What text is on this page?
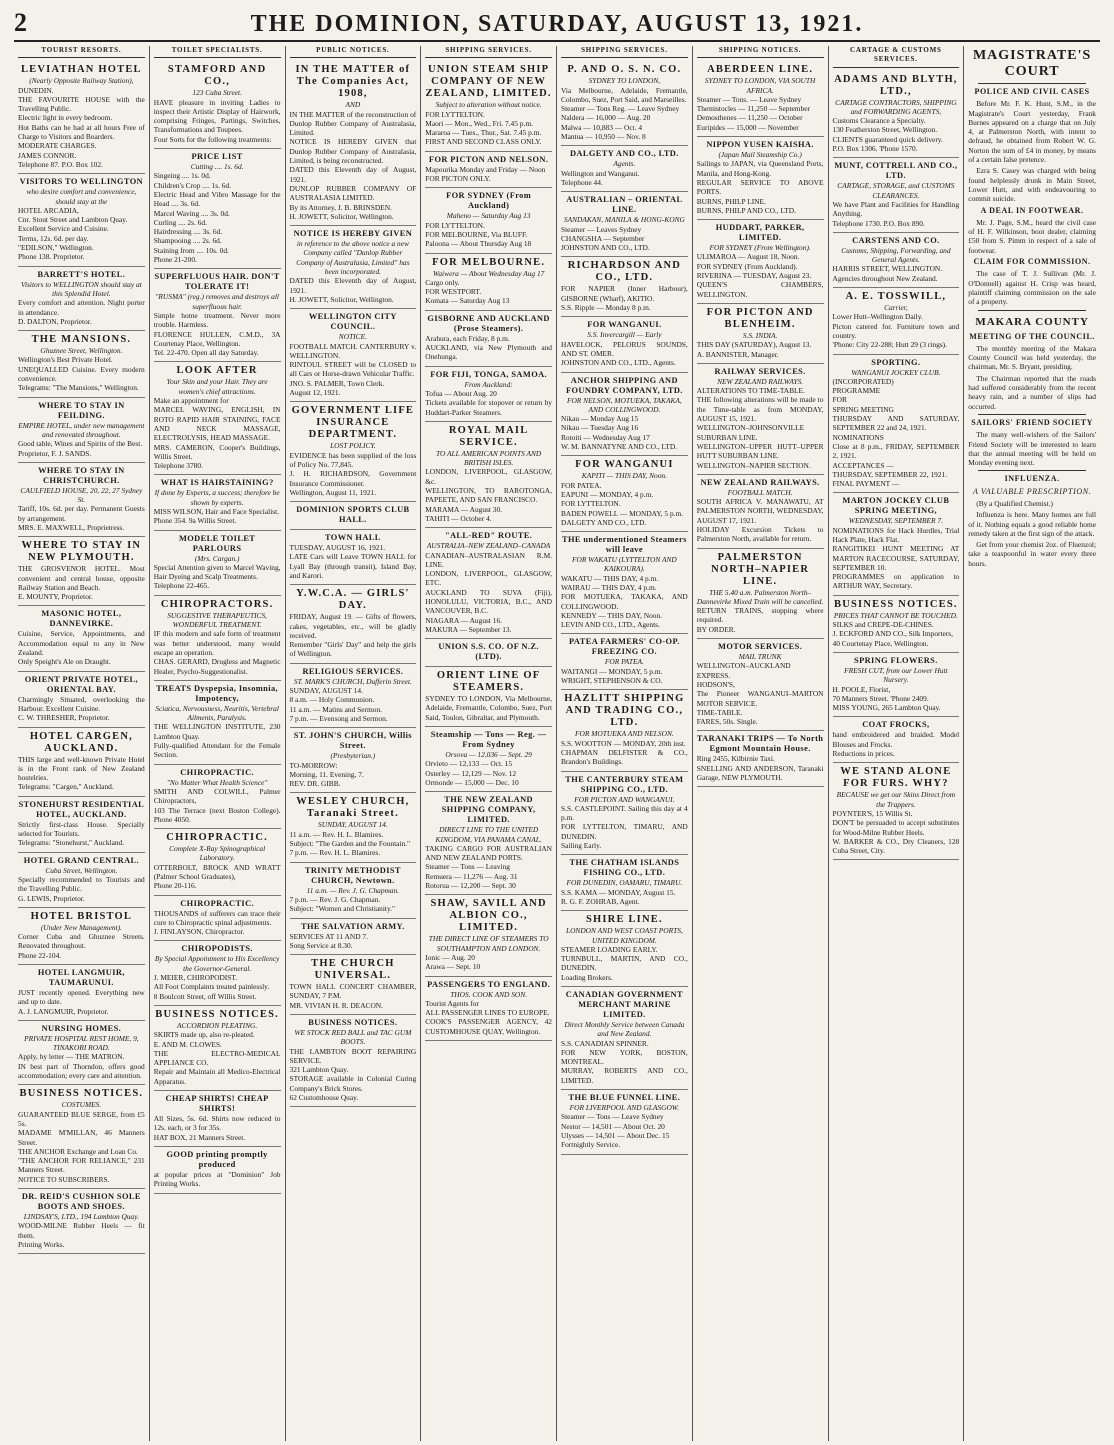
2	THE DOMINION, SATURDAY, AUGUST 13, 1921.
TOURIST RESORTS.

LEVIATHAN HOTEL

(Nearly Opposite Railway Station),

DUNEDIN.

THE FAVOURITE HOUSE with the Travelling Public.

Electric light in every bedroom.

Hot Baths can be had at all hours Free of Charge to Visitors and Boarders.

MODERATE CHARGES.

JAMES CONNOR.

Telephone 87. P.O. Box 102.

VISITORS TO WELLINGTON

who desire comfort and convenience, should stay at the

HOTEL ARCADIA,

Cnr. Stout Street and Lambton Quay.

Excellent Service and Cuisine.

Terms, 12s. 6d. per day.

"EDILSON," Wellington.

Phone 138. Proprietor.

BARRETT'S HOTEL.

Visitors to WELLINGTON should stay at this Splendid Hotel.

Every comfort and attention. Night porter in attendance.

D. DALTON, Proprietor.

THE MANSIONS.

Ghuznee Street, Wellington.

Wellington's Best Private Hotel.

UNEQUALLED Cuisine. Every modern convenience.

Telegrams: "The Mansions," Wellington.

WHERE TO STAY IN FEILDING.

EMPIRE HOTEL, under new management and renovated throughout.

Good table, Wines and Spirits of the Best.

Proprietor, F. J. SANDS.

WHERE TO STAY IN CHRISTCHURCH.

CAULFIELD HOUSE, 20, 22, 27 Sydney St.

Tariff, 10s. 6d. per day. Permanent Guests by arrangement.

MRS. E. MAXWELL, Proprietress.

WHERE TO STAY IN NEW PLYMOUTH.

THE GROSVENOR HOTEL. Most convenient and central house, opposite Railway Station and Beach.

E. MOUNTY, Proprietor.

MASONIC HOTEL, DANNEVIRKE.

Cuisine, Service, Appointments, and Accommodation equal to any in New Zealand.

Only Speight's Ale on Draught.

ORIENT PRIVATE HOTEL, ORIENTAL BAY.

Charmingly Situated, overlooking the Harbour. Excellent Cuisine.

C. W. THRESHER, Proprietor.

HOTEL CARGEN, AUCKLAND.

THIS large and well-known Private Hotel is in the Front rank of New Zealand hostelries.

Telegrams: "Cargen," Auckland.

STONEHURST RESIDENTIAL HOTEL, AUCKLAND.

Strictly first-class House. Specially selected for Tourists.

Telegrams: "Stonehurst," Auckland.

HOTEL GRAND CENTRAL.

Cuba Street, Wellington.

Specially recommended to Tourists and the Travelling Public.

G. LEWIS, Proprietor.

HOTEL BRISTOL

(Under New Management).

Corner Cuba and Ghuznee Streets. Renovated throughout.

Phone 22-104.

HOTEL LANGMUIR, TAUMARUNUI.

JUST recently opened. Everything new and up to date.

A. J. LANGMUIR, Proprietor.

NURSING HOMES.

PRIVATE HOSPITAL REST HOME, 9, TINAKORI ROAD.

Apply, by letter — THE MATRON.

IN best part of Thorndon, offers good accommodation; every care and attention.

BUSINESS NOTICES.

COSTUMES.

GUARANTEED BLUE SERGE, from £5 5s.

MADAME M'MILLAN, 46 Manners Street.

THE ANCHOR Exchange and Loan Co.

"THE ANCHOR FOR RELIANCE," 231 Manners Street.

NOTICE TO SUBSCRIBERS.

DR. REID'S CUSHION SOLE BOOTS AND SHOES.

LINDSAY'S, LTD., 194 Lambton Quay.

WOOD-MILNE Rubber Heels — fit them.

Printing Works.

TOILET SPECIALISTS.

STAMFORD AND CO.,

123 Cuba Street.

HAVE pleasure in inviting Ladies to inspect their Artistic Display of Hairwork, comprising Fringes, Partings, Switches, Transformations and Toupees.

Four Sorts for the following treatments:

PRICE LIST

Cutting .... 1s. 6d.

Singeing .... 1s. 0d.

Children's Crop .... 1s. 6d.

Electric Head and Vibro Massage for the Head .... 3s. 6d.

Marcel Waving .... 3s. 0d.

Curling .... 2s. 6d.

Hairdressing .... 3s. 6d.

Shampooing .... 2s. 6d.

Staining from .... 10s. 0d.

Phone 21-200.

SUPERFLUOUS HAIR. DON'T TOLERATE IT!

"RUSMA" (reg.) removes and destroys all superfluous hair.

Simple home treatment. Never more trouble. Harmless.

FLORENCE HULLEN, C.M.D., 3A Courtenay Place, Wellington.

Tel. 22-470. Open all day Saturday.

LOOK AFTER

Your Skin and your Hair. They are women's chief attractions.

Make an appointment for

MARCEL WAVING, ENGLISH, IN ROTO RAPID HAIR STAINING, FACE AND NECK MASSAGE, ELECTROLYSIS, HEAD MASSAGE.

MRS. CAMERON, Cooper's Buildings, Willis Street.

Telephone 3780.

WHAT IS HAIRSTAINING?

If done by Experts, a success; therefore be shown by experts.

MISS WILSON, Hair and Face Specialist.

Phone 354. 9a Willis Street.

MODELE TOILET PARLOURS

(Mrs. Cargan.)

Special Attention given to Marcel Waving, Hair Dyeing and Scalp Treatments.

Telephone 22-465.

CHIROPRACTORS.

SUGGESTIVE THERAPEUTICS, WONDERFUL TREATMENT.

IF this modern and safe form of treatment was better understood, many would escape an operation.

CHAS. GERARD, Drugless and Magnetic Healer, Psycho-Suggestionalist.

TREATS Dyspepsia, Insomnia, Impotency,

Sciatica, Nervousness, Neuritis, Vertebral Ailments, Paralysis.

THE WELLINGTON INSTITUTE, 230 Lambton Quay.

Fully-qualified Attendant for the Female Section.

CHIROPRACTIC.

"No Matter What Health Science"

SMITH AND COLWILL, Palmer Chiropractors,

103 The Terrace (next Boston College). Phone 4050.

CHIROPRACTIC.

Complete X-Ray Spinographical Laboratory.

OTTERBOLT, BROCK AND WRATT (Palmer School Graduates),

Phone 20-116.

CHIROPRACTIC.

THOUSANDS of sufferers can trace their cure to Chiropractic spinal adjustments.

J. FINLAYSON, Chiropractor.

CHIROPODISTS.

By Special Appointment to His Excellency the Governor-General.

J. MEIER, CHIROPODIST.

All Foot Complaints treated painlessly.

8 Boulcott Street, off Willis Street.

BUSINESS NOTICES.

ACCORDION PLEATING.

SKIRTS made up, also re-pleated.

E. AND M. CLOWES.

THE ELECTRO-MEDICAL APPLIANCE CO.

Repair and Maintain all Medico-Electrical Apparatus.

CHEAP SHIRTS! CHEAP SHIRTS!

All Sizes, 5s. 6d. Shirts now reduced to 12s. each, or 3 for 35s.

HAT BOX, 21 Manners Street.

GOOD printing promptly produced

at popular prices at "Dominion" Job Printing Works.

PUBLIC NOTICES.

IN THE MATTER of The Companies Act, 1908,

AND

IN THE MATTER of the reconstruction of Dunlop Rubber Company of Australasia, Limited.

NOTICE IS HEREBY GIVEN that Dunlop Rubber Company of Australasia, Limited, is being reconstructed.

DATED this Eleventh day of August, 1921.

DUNLOP RUBBER COMPANY OF AUSTRALASIA LIMITED.

By its Attorney, J. B. BRINSDEN.

H. JOWETT, Solicitor, Wellington.

NOTICE IS HEREBY GIVEN

in reference to the above notice a new Company called "Dunlop Rubber Company of Australasia, Limited" has been incorporated.

DATED this Eleventh day of August, 1921.

H. JOWETT, Solicitor, Wellington.

WELLINGTON CITY COUNCIL.

NOTICE.

FOOTBALL MATCH. CANTERBURY v. WELLINGTON.

RINTOUL STREET will be CLOSED to all Cars or Horse-drawn Vehicular Traffic.

JNO. S. PALMER, Town Clerk.

August 12, 1921.

GOVERNMENT LIFE INSURANCE DEPARTMENT.

LOST POLICY.

EVIDENCE has been supplied of the loss of Policy No. 77,845.

J. H. RICHARDSON, Government Insurance Commissioner.

Wellington, August 11, 1921.

DOMINION SPORTS CLUB HALL.

TOWN HALL

TUESDAY, AUGUST 16, 1921.

LATE Cars will Leave TOWN HALL for Lyall Bay (through transit), Island Bay, and Karori.

Y.W.C.A. — GIRLS' DAY.

FRIDAY, August 19. — Gifts of flowers, cakes, vegetables, etc., will be gladly received.

Remember "Girls' Day" and help the girls of Wellington.

RELIGIOUS SERVICES.

ST. MARK'S CHURCH, Dufferin Street.

SUNDAY, AUGUST 14.

8 a.m. — Holy Communion.

11 a.m. — Matins and Sermon.

7 p.m. — Evensong and Sermon.

ST. JOHN'S CHURCH, Willis Street.

(Presbyterian.)

TO-MORROW:

Morning, 11. Evening, 7.

REV. DR. GIBB.

WESLEY CHURCH, Taranaki Street.

SUNDAY, AUGUST 14.

11 a.m. — Rev. H. L. Blamires.

Subject: "The Garden and the Fountain."

7 p.m. — Rev. H. L. Blamires.

TRINITY METHODIST CHURCH, Newtown.

11 a.m. — Rev. J. G. Chapman.

7 p.m. — Rev. J. G. Chapman.

Subject: "Women and Christianity."

THE SALVATION ARMY.

SERVICES AT 11 AND 7.

Song Service at 8.30.

THE CHURCH UNIVERSAL.

TOWN HALL CONCERT CHAMBER, SUNDAY, 7 P.M.

MR. VIVIAN H. R. DEACON.

BUSINESS NOTICES.

WE STOCK RED BALL and TAC GUM BOOTS.

THE LAMBTON BOOT REPAIRING SERVICE.

321 Lambton Quay.

STORAGE available in Colonial Curing Company's Brick Stores.

62 Customhouse Quay.

SHIPPING SERVICES.

UNION STEAM SHIP COMPANY OF NEW ZEALAND, LIMITED.

Subject to alteration without notice.

FOR LYTTELTON.

Maori — Mon., Wed., Fri. 7.45 p.m.

Mararoa — Tues., Thur., Sat. 7.45 p.m.

FIRST AND SECOND CLASS ONLY.

FOR PICTON AND NELSON.

Mapourika Monday and Friday — Noon

FOR PICTON ONLY.

FOR SYDNEY (From Auckland)

Maheno — Saturday Aug 13

FOR LYTTELTON.

FOR MELBOURNE, Via BLUFF.

Paloona — About Thursday Aug 18

FOR MELBOURNE.

Waiwera — About Wednesday Aug 17

Cargo only.

FOR WESTPORT.

Komata — Saturday Aug 13

GISBORNE AND AUCKLAND (Prose Steamers).

Arahura, each Friday, 8 p.m.

AUCKLAND, via New Plymouth and Onehunga.

FOR FIJI, TONGA, SAMOA.

From Auckland:

Tofua — About Aug. 20

Tickets available for stopover or return by Huddart-Parker Steamers.

ROYAL MAIL SERVICE.

TO ALL AMERICAN POINTS AND BRITISH ISLES.

LONDON, LIVERPOOL, GLASGOW, &c.

WELLINGTON, TO RAROTONGA, PAPEETE, AND SAN FRANCISCO.

MARAMA — August 30.

TAHITI — October 4.

"ALL-RED" ROUTE.

AUSTRALIA–NEW ZEALAND–CANADA

CANADIAN–AUSTRALASIAN R.M. LINE.

LONDON, LIVERPOOL, GLASGOW, ETC.

AUCKLAND TO SUVA (Fiji), HONOLULU, VICTORIA, B.C., AND VANCOUVER, B.C.

NIAGARA — August 16.

MAKURA — September 13.

UNION S.S. CO. OF N.Z. (LTD).

ORIENT LINE OF STEAMERS.

SYDNEY TO LONDON, Via Melbourne, Adelaide, Fremantle, Colombo, Suez, Port Said, Toulon, Gibraltar, and Plymouth.

Steamship — Tons — Reg. — From Sydney

Orsova — 12,036 — Sept. 29

Orvieto — 12,133 — Oct. 15

Osterley — 12,129 — Nov. 12

Ormonde — 15,000 — Dec. 10

THE NEW ZEALAND SHIPPING COMPANY, LIMITED.

DIRECT LINE TO THE UNITED KINGDOM, VIA PANAMA CANAL.

TAKING CARGO FOR AUSTRALIAN AND NEW ZEALAND PORTS.

Steamer — Tons — Leaving

Remuera — 11,276 — Aug. 31

Rotorua — 12,200 — Sept. 30

SHAW, SAVILL AND ALBION CO., LIMITED.

THE DIRECT LINE OF STEAMERS TO SOUTHAMPTON AND LONDON.

Ionic — Aug. 20

Arawa — Sept. 10

PASSENGERS TO ENGLAND.

THOS. COOK AND SON.

Tourist Agents for

ALL PASSENGER LINES TO EUROPE.

COOK'S PASSENGER AGENCY, 42 CUSTOMHOUSE QUAY, Wellington.

SHIPPING SERVICES.

P. AND O. S. N. CO.

SYDNEY TO LONDON,

Via Melbourne, Adelaide, Fremantle, Colombo, Suez, Port Said, and Marseilles.

Steamer — Tons Reg. — Leave Sydney

Naldera — 16,000 — Aug. 20

Malwa — 10,883 — Oct. 4

Mantua — 10,950 — Nov. 8

DALGETY AND CO., LTD.

Agents.

Wellington and Wanganui.

Telephone 44.

AUSTRALIAN – ORIENTAL LINE.

SANDAKAN, MANILA & HONG-KONG

Steamer — Leaves Sydney

CHANGSHA — September

JOHNSTON AND CO., LTD.

RICHARDSON AND CO., LTD.

FOR NAPIER (Inner Harbour), GISBORNE (Wharf), AKITIO.

S.S. Ripple — Monday 8 p.m.

FOR WANGANUI.

S.S. Invercargill — Early

HAVELOCK, PELORUS SOUNDS, AND ST. OMER.

JOHNSTON AND CO., LTD., Agents.

ANCHOR SHIPPING AND FOUNDRY COMPANY, LTD.

FOR NELSON, MOTUEKA, TAKAKA, AND COLLINGWOOD.

Nikau — Monday Aug 15

Nikau — Tuesday Aug 16

Rotoiti — Wednesday Aug 17

W. M. BANNATYNE AND CO., LTD.

FOR WANGANUI

KAPITI — THIS DAY, Noon.

FOR PATEA.

EAPUNI — MONDAY, 4 p.m.

FOR LYTTELTON.

BADEN POWELL — MONDAY, 5 p.m.

DALGETY AND CO., LTD.

THE undermentioned Steamers will leave

FOR WAKATU (LYTTELTON AND KAIKOURA).

WAKATU — THIS DAY, 4 p.m.

WAIRAU — THIS DAY, 4 p.m.

FOR MOTUEKA, TAKAKA, AND COLLINGWOOD.

KENNEDY — THIS DAY, Noon.

LEVIN AND CO., LTD., Agents.

PATEA FARMERS' CO-OP. FREEZING CO.

FOR PATEA.

WAITANGI — MONDAY, 5 p.m.

WRIGHT, STEPHENSON & CO.

HAZLITT SHIPPING AND TRADING CO., LTD.

FOR MOTUEKA AND NELSON.

S.S. WOOTTON — MONDAY, 20th inst.

CHAPMAN DELFISTER & CO., Brandon's Buildings.

THE CANTERBURY STEAM SHIPPING CO., LTD.

FOR PICTON AND WANGANUI.

S.S. CASTLEPOINT. Sailing this day at 4 p.m.

FOR LYTTELTON, TIMARU, AND DUNEDIN.

Sailing Early.

THE CHATHAM ISLANDS FISHING CO., LTD.

FOR DUNEDIN, OAMARU, TIMARU.

S.S. KAMA — MONDAY, August 15.

R. G. F. ZOHRAB, Agent.

SHIRE LINE.

LONDON AND WEST COAST PORTS, UNITED KINGDOM.

STEAMER LOADING EARLY.

TURNBULL, MARTIN, AND CO., DUNEDIN.

Loading Brokers.

CANADIAN GOVERNMENT MERCHANT MARINE LIMITED.

Direct Monthly Service between Canada and New Zealand.

S.S. CANADIAN SPINNER.

FOR NEW YORK, BOSTON, MONTREAL.

MURRAY, ROBERTS AND CO., LIMITED.

THE BLUE FUNNEL LINE.

FOR LIVERPOOL AND GLASGOW.

Steamer — Tons — Leave Sydney

Nestor — 14,501 — About Oct. 20

Ulysses — 14,501 — About Dec. 15

Fortnightly Service.

SHIPPING NOTICES.

ABERDEEN LINE.

SYDNEY TO LONDON, VIA SOUTH AFRICA.

Steamer — Tons. — Leave Sydney

Themistocles — 11,250 — September

Demosthenes — 11,250 — October

Euripides — 15,000 — November

NIPPON YUSEN KAISHA.

(Japan Mail Steamship Co.)

Sailings to JAPAN, via Queensland Ports, Manila, and Hong-Kong.

REGULAR SERVICE TO ABOVE PORTS.

BURNS, PHILP LINE.

BURNS, PHILP AND CO., LTD.

HUDDART, PARKER, LIMITED.

FOR SYDNEY (From Wellington).

ULIMAROA — August 18, Noon.

FOR SYDNEY (From Auckland).

RIVERINA — TUESDAY, August 23.

QUEEN'S CHAMBERS, WELLINGTON.

FOR PICTON AND BLENHEIM.

S.S. INDIA.

THIS DAY (SATURDAY), August 13.

A. BANNISTER, Manager.

RAILWAY SERVICES.

NEW ZEALAND RAILWAYS.

ALTERATIONS TO TIME-TABLE.

THE following alterations will be made to the Time-table as from MONDAY, AUGUST 15, 1921.

WELLINGTON–JOHNSONVILLE SUBURBAN LINE.

WELLINGTON–UPPER HUTT–UPPER HUTT SUBURBAN LINE.

WELLINGTON–NAPIER SECTION.

NEW ZEALAND RAILWAYS.

FOOTBALL MATCH.

SOUTH AFRICA V. MANAWATU, AT PALMERSTON NORTH, WEDNESDAY, AUGUST 17, 1921.

HOLIDAY Excursion Tickets to Palmerston North, available for return.

PALMERSTON NORTH–NAPIER LINE.

THE 5.40 a.m. Palmerston North–Dannevirke Mixed Train will be cancelled.

RETURN TRAINS, stopping where required.

BY ORDER.

MOTOR SERVICES.

MAIL TRUNK

WELLINGTON–AUCKLAND EXPRESS.

HODSON'S,

The Pioneer WANGANUI–MARTON MOTOR SERVICE.

TIME-TABLE.

FARES, 50s. Single.

TARANAKI TRIPS — To North Egmont Mountain House.

Ring 2455, Kilbirnie Taxi.

SNELLING AND ANDERSON, Taranaki Garage, NEW PLYMOUTH.

CARTAGE & CUSTOMS SERVICES.

ADAMS AND BLYTH, LTD.,

CARTAGE CONTRACTORS, SHIPPING and FORWARDING AGENTS,

Customs Clearance a Specialty.

130 Featherston Street, Wellington.

CLIENTS guaranteed quick delivery.

P.O. Box 1306. 'Phone 1570.

MUNT, COTTRELL AND CO., LTD.

CARTAGE, STORAGE, and CUSTOMS CLEARANCES.

We have Plant and Facilities for Handling Anything.

Telephone 1730. P.O. Box 890.

CARSTENS AND CO.

Customs, Shipping, Forwarding, and General Agents.

HARRIS STREET, WELLINGTON.

Agencies throughout New Zealand.

A. E. TOSSWILL,

Carrier,

Lower Hutt–Wellington Daily.

Picton catered for. Furniture town and country.

'Phone: City 22-288; Hutt 29 (3 rings).

SPORTING.

WANGANUI JOCKEY CLUB.

(INCORPORATED)

PROGRAMME

FOR

SPRING MEETING

THURSDAY AND SATURDAY, SEPTEMBER 22 and 24, 1921.

NOMINATIONS

Close at 8 p.m., FRIDAY, SEPTEMBER 2, 1921.

ACCEPTANCES —

THURSDAY, SEPTEMBER 22, 1921.

FINAL PAYMENT —

MARTON JOCKEY CLUB SPRING MEETING,

WEDNESDAY, SEPTEMBER 7.

NOMINATIONS for Hack Hurdles, Trial Hack Plate, Hack Flat.

RANGITIKEI HUNT MEETING AT MARTON RACECOURSE, SATURDAY, SEPTEMBER 10.

PROGRAMMES on application to ARTHUR WAY, Secretary.

BUSINESS NOTICES.

PRICES THAT CANNOT BE TOUCHED.

SILKS and CREPE-DE-CHINES.

J. ECKFORD AND CO., Silk Importers,

40 Courtenay Place, Wellington.

SPRING FLOWERS.

FRESH CUT, from our Lower Hutt Nursery.

H. POOLE, Florist,

70 Manners Street. 'Phone 2409.

MISS YOUNG, 265 Lambton Quay.

COAT FROCKS,

hand embroidered and braided. Model Blouses and Frocks.

Reductions in prices.

WE STAND ALONE FOR FURS. WHY?

BECAUSE we get our Skins Direct from the Trappers.

POYNTER'S, 15 Willis St.

DON'T be persuaded to accept substitutes for Wood-Milne Rubber Heels.

W. BARKER & CO., Dry Cleaners, 128 Cuba Street, City.

MAGISTRATE'S COURT
POLICE AND CIVIL CASES

Before Mr. F. K. Hunt, S.M., in the Magistrate's Court yesterday, Frank Burnes appeared on a charge that on July 4, at Palmerston North, with intent to defraud, he obtained from Robert W. G. Norton the sum of £4 in money, by means of a certain false pretence.

Ezra S. Casey was charged with being found helplessly drunk in Main Street, Lower Hutt, and with endeavouring to commit suicide.

A DEAL IN FOOTWEAR.

Mr. J. Page, S.M., heard the civil case of H. F. Wilkinson, boot dealer, claiming £50 from S. Pimm in respect of a sale of footwear.

CLAIM FOR COMMISSION.

The case of T. J. Sullivan (Mr. J. O'Donnell) against H. Crisp was heard, plaintiff claiming commission on the sale of a property.

MAKARA COUNTY
MEETING OF THE COUNCIL.

The monthly meeting of the Makara County Council was held yesterday, the chairman, Mr. S. Bryant, presiding.

The Chairman reported that the roads had suffered considerably from the recent heavy rain, and a number of slips had occurred.

SAILORS' FRIEND SOCIETY

The many well-wishers of the Sailors' Friend Society will be interested to learn that the annual meeting will be held on Monday evening next.

INFLUENZA.
A VALUABLE PRESCRIPTION.

(By a Qualified Chemist.)

Influenza is here. Many homes are full of it. Nothing equals a good reliable home remedy taken at the first sign of the attack.

Get from your chemist 2oz. of Fluenzol; take a teaspoonful in water every three hours.
